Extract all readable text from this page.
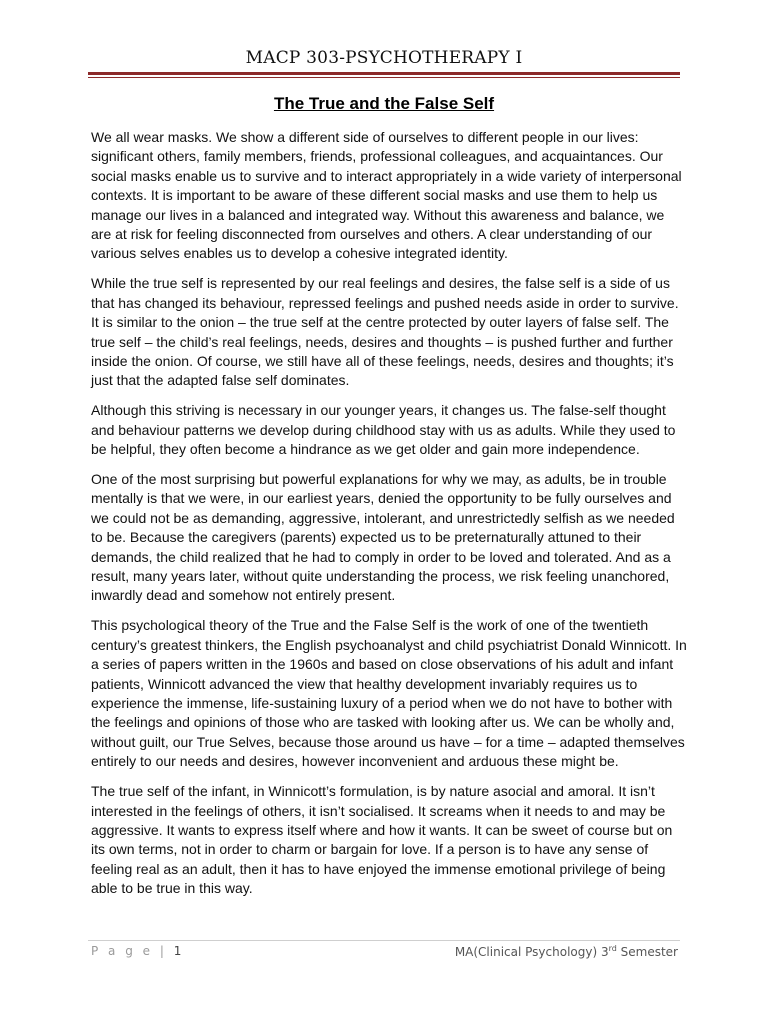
MACP 303-PSYCHOTHERAPY I
The True and the False Self

We all wear masks. We show a different side of ourselves to different people in our lives: significant others, family members, friends, professional colleagues, and acquaintances. Our social masks enable us to survive and to interact appropriately in a wide variety of interpersonal contexts. It is important to be aware of these different social masks and use them to help us manage our lives in a balanced and integrated way. Without this awareness and balance, we are at risk for feeling disconnected from ourselves and others. A clear understanding of our various selves enables us to develop a cohesive integrated identity.

While the true self is represented by our real feelings and desires, the false self is a side of us that has changed its behaviour, repressed feelings and pushed needs aside in order to survive. It is similar to the onion – the true self at the centre protected by outer layers of false self. The true self – the child’s real feelings, needs, desires and thoughts – is pushed further and further inside the onion. Of course, we still have all of these feelings, needs, desires and thoughts; it’s just that the adapted false self dominates.

Although this striving is necessary in our younger years, it changes us. The false-self thought and behaviour patterns we develop during childhood stay with us as adults. While they used to be helpful, they often become a hindrance as we get older and gain more independence.

One of the most surprising but powerful explanations for why we may, as adults, be in trouble mentally is that we were, in our earliest years, denied the opportunity to be fully ourselves and we could not be as demanding, aggressive, intolerant, and unrestrictedly selfish as we needed to be. Because the caregivers (parents) expected us to be preternaturally attuned to their demands, the child realized that he had to comply in order to be loved and tolerated. And as a result, many years later, without quite understanding the process, we risk feeling unanchored, inwardly dead and somehow not entirely present.

This psychological theory of the True and the False Self is the work of one of the twentieth century’s greatest thinkers, the English psychoanalyst and child psychiatrist Donald Winnicott. In a series of papers written in the 1960s and based on close observations of his adult and infant patients, Winnicott advanced the view that healthy development invariably requires us to experience the immense, life-sustaining luxury of a period when we do not have to bother with the feelings and opinions of those who are tasked with looking after us. We can be wholly and, without guilt, our True Selves, because those around us have – for a time – adapted themselves entirely to our needs and desires, however inconvenient and arduous these might be.

The true self of the infant, in Winnicott’s formulation, is by nature asocial and amoral. It isn’t interested in the feelings of others, it isn’t socialised. It screams when it needs to and may be aggressive. It wants to express itself where and how it wants. It can be sweet of course but on its own terms, not in order to charm or bargain for love. If a person is to have any sense of feeling real as an adult, then it has to have enjoyed the immense emotional privilege of being able to be true in this way.

P a g e | 1	MA(Clinical Psychology) 3rd Semester
